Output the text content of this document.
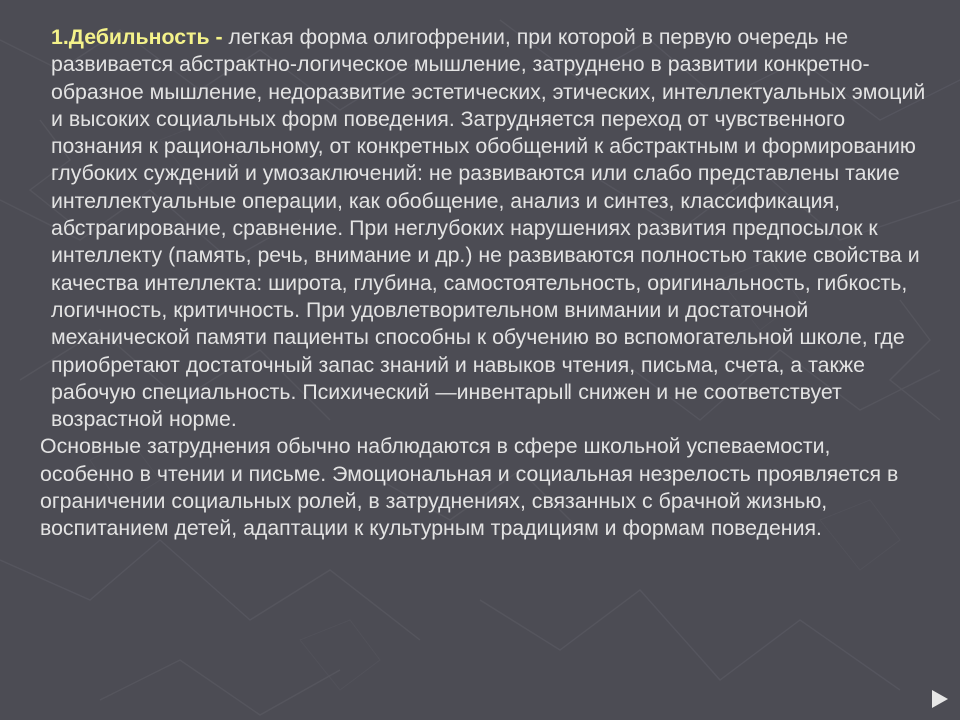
1.Дебильность - легкая форма олигофрении, при которой в первую очередь не развивается абстрактно-логическое мышление, затруднено в развитии конкретно-образное мышление, недоразвитие эстетических, этических, интеллектуальных эмоций и высоких социальных форм поведения. Затрудняется переход от чувственного познания к рациональному, от конкретных обобщений к абстрактным и формированию глубоких суждений и умозаключений: не развиваются или слабо представлены такие интеллектуальные операции, как обобщение, анализ и синтез, классификация, абстрагирование, сравнение. При неглубоких нарушениях развития предпосылок к интеллекту (память, речь, внимание и др.) не развиваются полностью такие свойства и качества интеллекта: широта, глубина, самостоятельность, оригинальность, гибкость, логичность, критичность. При удовлетворительном внимании и достаточной механической памяти пациенты способны к обучению во вспомогательной школе, где приобретают достаточный запас знаний и навыков чтения, письма, счета, а также рабочую специальность. Психический —инвентары‖ снижен и не соответствует возрастной норме.

Основные затруднения обычно наблюдаются в сфере школьной успеваемости, особенно в чтении и письме. Эмоциональная и социальная незрелость проявляется в ограничении социальных ролей, в затруднениях, связанных с брачной жизнью, воспитанием детей, адаптации к культурным традициям и формам поведения.
